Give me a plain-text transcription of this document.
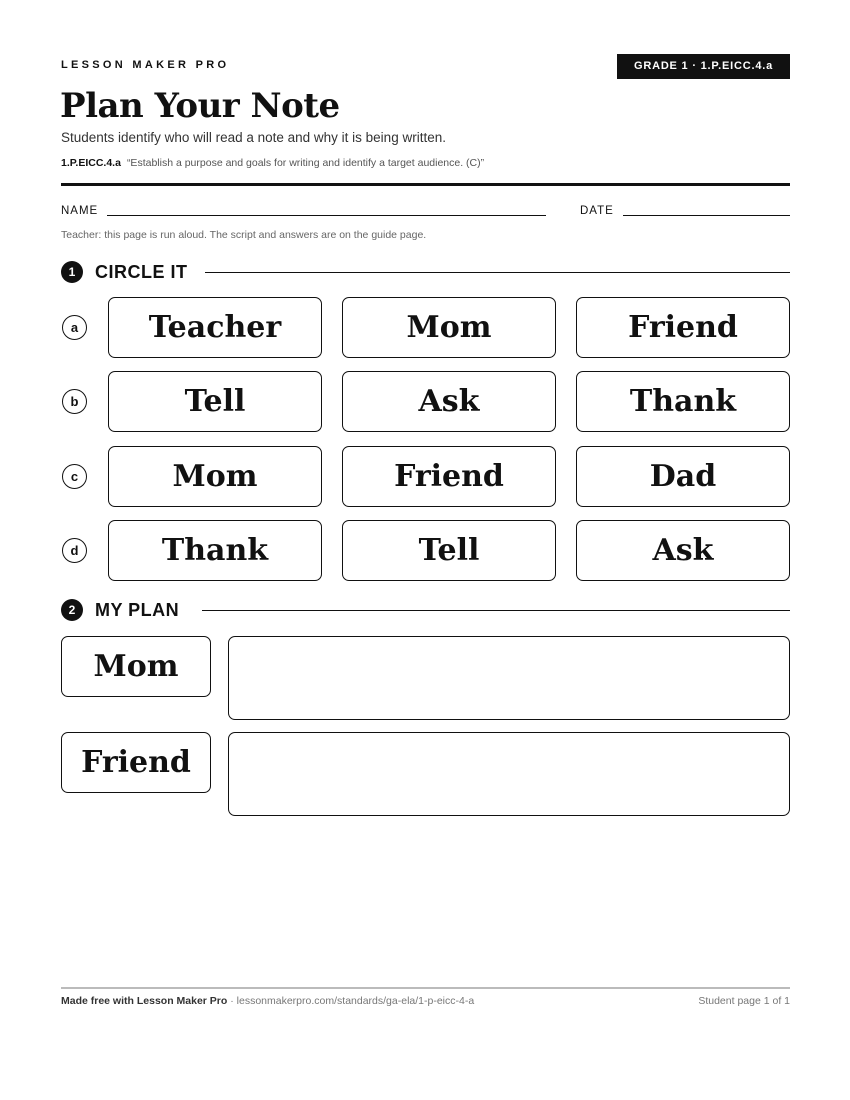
LESSON MAKER PRO	GRADE 1 · 1.P.EICC.4.a
Plan Your Note
Students identify who will read a note and why it is being written.
1.P.EICC.4.a “Establish a purpose and goals for writing and identify a target audience. (C)”
NAME	DATE
Teacher: this page is run aloud. The script and answers are on the guide page.
1	CIRCLE IT
a	Teacher	Mom	Friend
b	Tell	Ask	Thank
c	Mom	Friend	Dad
d	Thank	Tell	Ask
2	MY PLAN
Mom
Friend
Made free with Lesson Maker Pro · lessonmakerpro.com/standards/ga-ela/1-p-eicc-4-a	Student page 1 of 1
